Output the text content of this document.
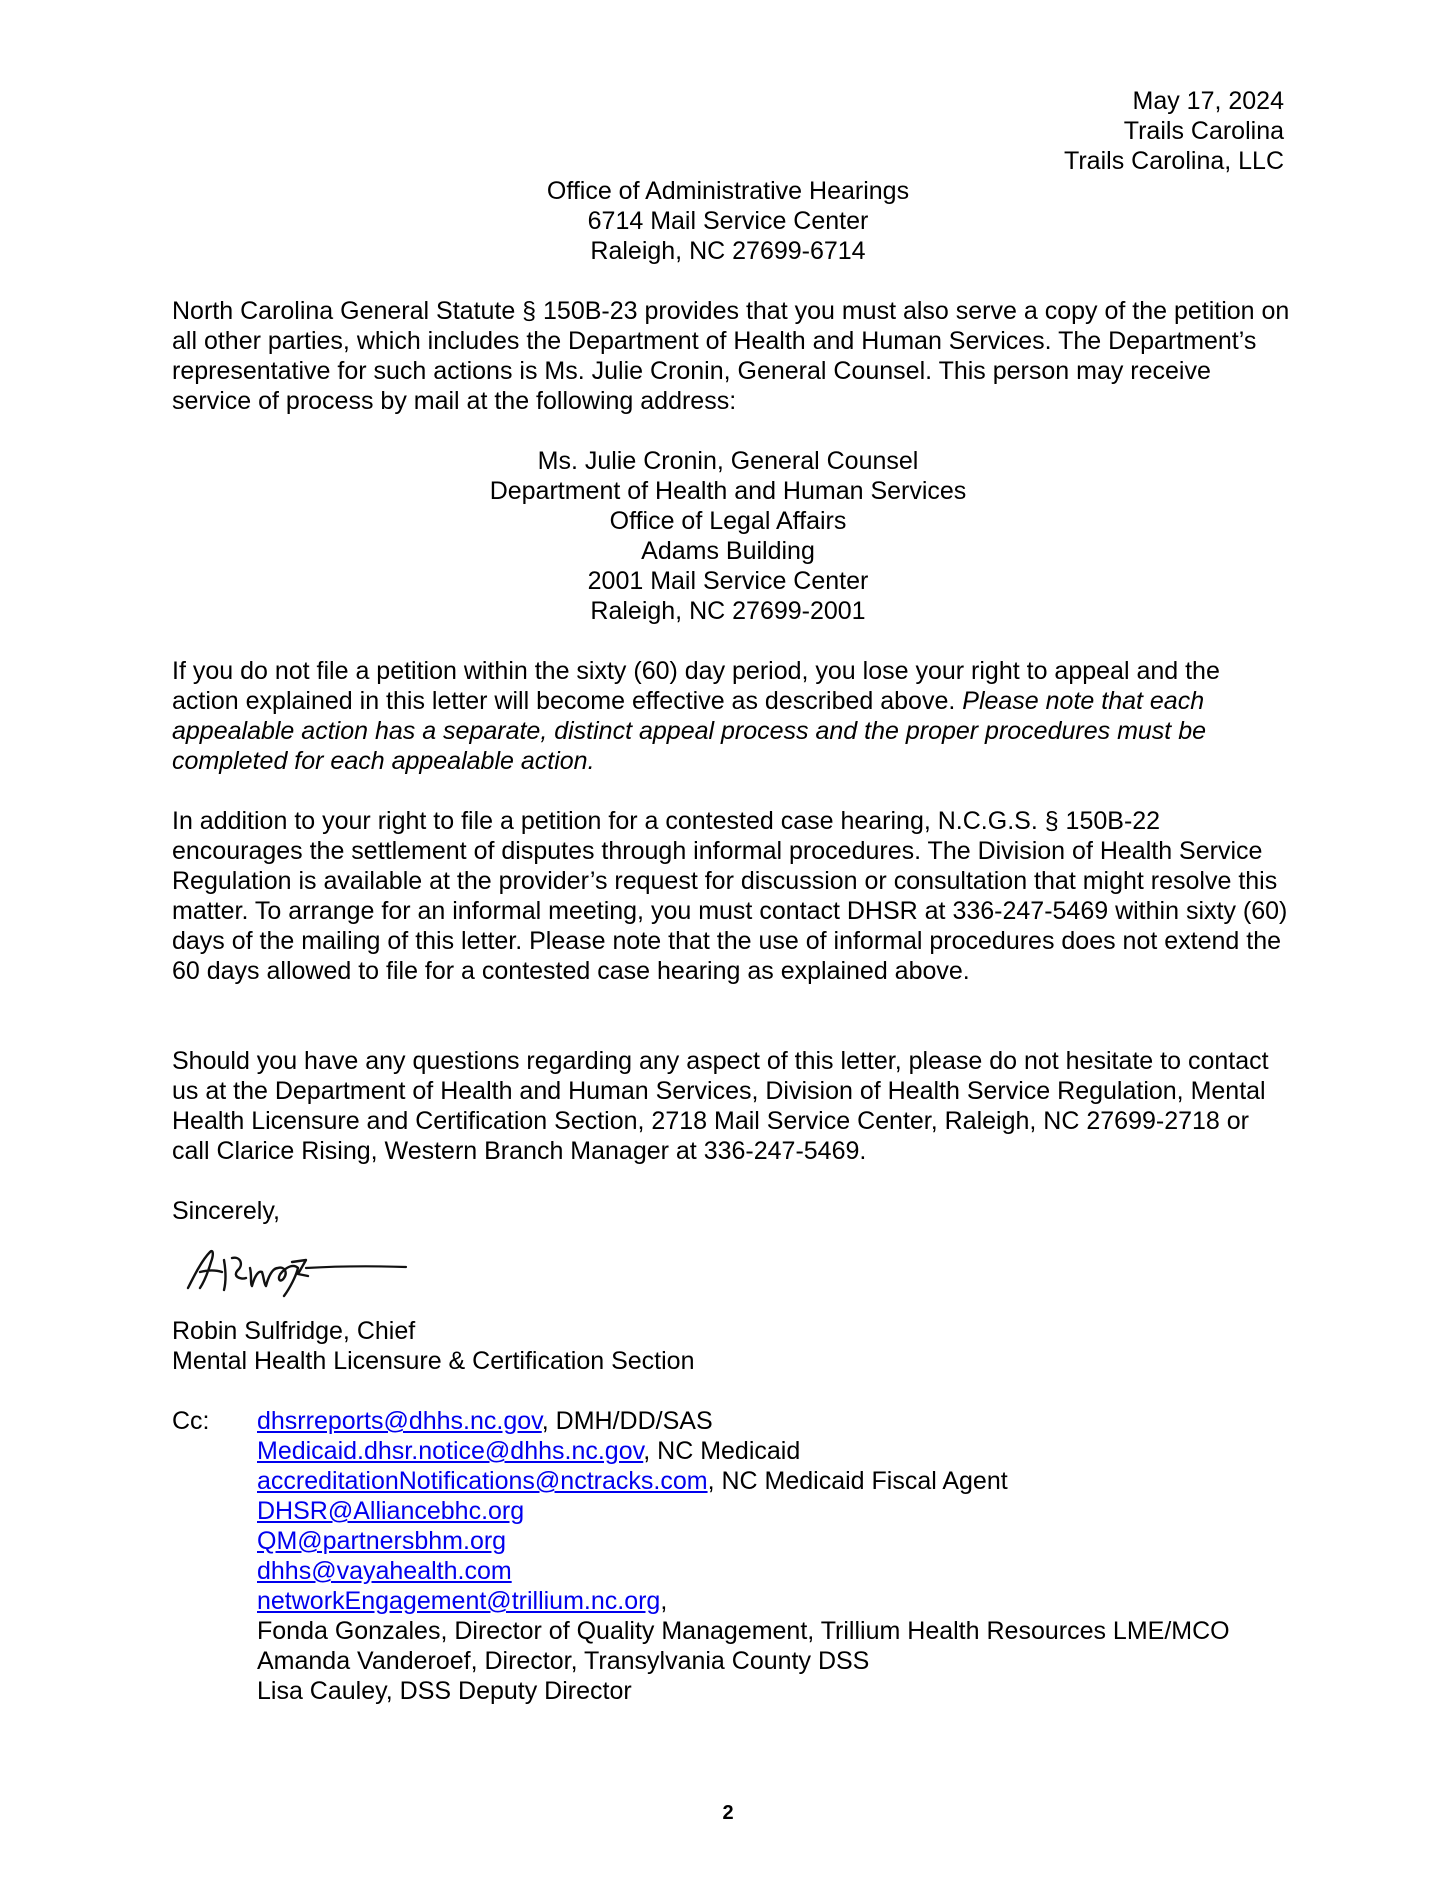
May 17, 2024
Trails Carolina
Trails Carolina, LLC
Office of Administrative Hearings
6714 Mail Service Center
Raleigh, NC 27699-6714

North Carolina General Statute § 150B-23 provides that you must also serve a copy of the petition on all other parties, which includes the Department of Health and Human Services. The Department’s representative for such actions is Ms. Julie Cronin, General Counsel. This person may receive service of process by mail at the following address:

Ms. Julie Cronin, General Counsel
Department of Health and Human Services
Office of Legal Affairs
Adams Building
2001 Mail Service Center
Raleigh, NC 27699-2001

If you do not file a petition within the sixty (60) day period, you lose your right to appeal and the action explained in this letter will become effective as described above. Please note that each appealable action has a separate, distinct appeal process and the proper procedures must be completed for each appealable action.

In addition to your right to file a petition for a contested case hearing, N.C.G.S. § 150B-22 encourages the settlement of disputes through informal procedures. The Division of Health Service Regulation is available at the provider’s request for discussion or consultation that might resolve this matter. To arrange for an informal meeting, you must contact DHSR at 336-247-5469 within sixty (60) days of the mailing of this letter. Please note that the use of informal procedures does not extend the 60 days allowed to file for a contested case hearing as explained above.

Should you have any questions regarding any aspect of this letter, please do not hesitate to contact us at the Department of Health and Human Services, Division of Health Service Regulation, Mental Health Licensure and Certification Section, 2718 Mail Service Center, Raleigh, NC 27699-2718 or call Clarice Rising, Western Branch Manager at 336-247-5469.

Sincerely,

Robin Sulfridge, Chief
Mental Health Licensure & Certification Section
Cc: dhsrreports@dhhs.nc.gov, DMH/DD/SAS
Medicaid.dhsr.notice@dhhs.nc.gov, NC Medicaid
accreditationNotifications@nctracks.com, NC Medicaid Fiscal Agent
DHSR@Alliancebhc.org
QM@partnersbhm.org
dhhs@vayahealth.com
networkEngagement@trillium.nc.org,
Fonda Gonzales, Director of Quality Management, Trillium Health Resources LME/MCO
Amanda Vanderoef, Director, Transylvania County DSS
Lisa Cauley, DSS Deputy Director
2
